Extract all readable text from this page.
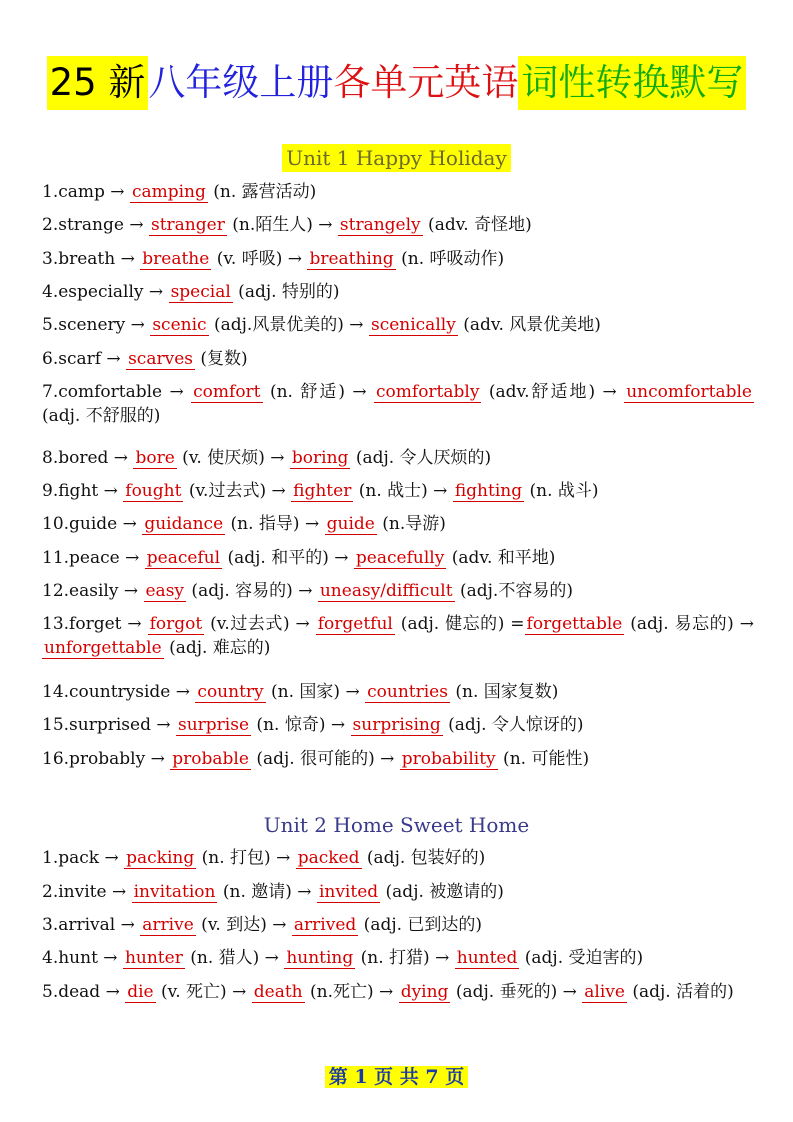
25 新八年级上册各单元英语词性转换默写
Unit 1 Happy Holiday
1.camp → camping (n. 露营活动)
2.strange → stranger (n.陌生人) → strangely (adv. 奇怪地)
3.breath → breathe (v. 呼吸) → breathing (n. 呼吸动作)
4.especially → special (adj. 特别的)
5.scenery → scenic (adj.风景优美的) → scenically (adv. 风景优美地)
6.scarf → scarves (复数)
7.comfortable → comfort (n. 舒适) → comfortably (adv.舒适地) → uncomfortable (adj. 不舒服的)
8.bored → bore (v. 使厌烦) → boring (adj. 令人厌烦的)
9.fight → fought (v.过去式) → fighter (n. 战士) → fighting (n. 战斗)
10.guide → guidance (n. 指导) → guide (n.导游)
11.peace → peaceful (adj. 和平的) → peacefully (adv. 和平地)
12.easily → easy (adj. 容易的) → uneasy/difficult (adj.不容易的)
13.forget → forgot (v.过去式) → forgetful (adj. 健忘的) = forgettable (adj. 易忘的) → unforgettable (adj. 难忘的)
14.countryside → country (n. 国家) → countries (n. 国家复数)
15.surprised → surprise (n. 惊奇) → surprising (adj. 令人惊讶的)
16.probably → probable (adj. 很可能的) → probability (n. 可能性)
Unit 2 Home Sweet Home
1.pack → packing (n. 打包) → packed (adj. 包装好的)
2.invite → invitation (n. 邀请) → invited (adj. 被邀请的)
3.arrival → arrive (v. 到达) → arrived (adj. 已到达的)
4.hunt → hunter (n. 猎人) → hunting (n. 打猎) → hunted (adj. 受迫害的)
5.dead → die (v. 死亡) → death (n.死亡) → dying (adj. 垂死的) → alive (adj. 活着的)
第 1 页 共 7 页
